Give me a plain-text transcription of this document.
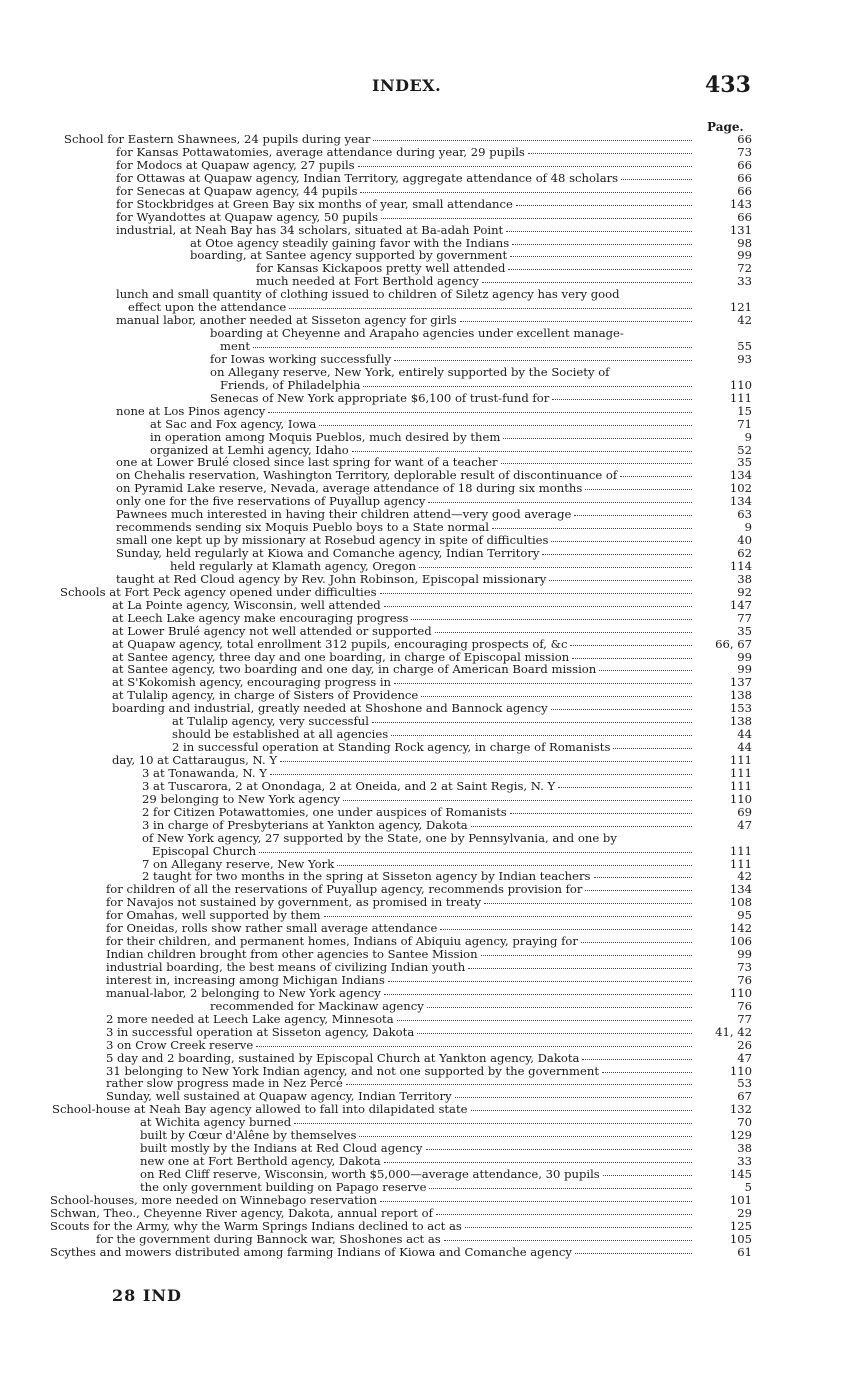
INDEX.	433
Page.
School for Eastern Shawnees, 24 pupils during year	66
for Kansas Pottawatomies, average attendance during year, 29 pupils	73
for Modocs at Quapaw agency, 27 pupils	66
for Ottawas at Quapaw agency, Indian Territory, aggregate attendance of 48 scholars	66
for Senecas at Quapaw agency, 44 pupils	66
for Stockbridges at Green Bay six months of year, small attendance	143
for Wyandottes at Quapaw agency, 50 pupils	66
industrial, at Neah Bay has 34 scholars, situated at Ba-adah Point	131
at Otoe agency steadily gaining favor with the Indians	98
boarding, at Santee agency supported by government	99
for Kansas Kickapoos pretty well attended	72
much needed at Fort Berthold agency	33
lunch and small quantity of clothing issued to children of Siletz agency has very good
effect upon the attendance	121
manual labor, another needed at Sisseton agency for girls	42
boarding at Cheyenne and Arapaho agencies under excellent manage-
ment	55
for Iowas working successfully	93
on Allegany reserve, New York, entirely supported by the Society of
Friends, of Philadelphia	110
Senecas of New York appropriate $6,100 of trust-fund for	111
none at Los Pinos agency	15
at Sac and Fox agency, Iowa	71
in operation among Moquis Pueblos, much desired by them	9
organized at Lemhi agency, Idaho	52
one at Lower Brulé closed since last spring for want of a teacher	35
on Chehalis reservation, Washington Territory, deplorable result of discontinuance of	134
on Pyramid Lake reserve, Nevada, average attendance of 18 during six months	102
only one for the five reservations of Puyallup agency	134
Pawnees much interested in having their children attend—very good average	63
recommends sending six Moquis Pueblo boys to a State normal	9
small one kept up by missionary at Rosebud agency in spite of difficulties	40
Sunday, held regularly at Kiowa and Comanche agency, Indian Territory	62
held regularly at Klamath agency, Oregon	114
taught at Red Cloud agency by Rev. John Robinson, Episcopal missionary	38
Schools at Fort Peck agency opened under difficulties	92
at La Pointe agency, Wisconsin, well attended	147
at Leech Lake agency make encouraging progress	77
at Lower Brulé agency not well attended or supported	35
at Quapaw agency, total enrollment 312 pupils, encouraging prospects of, &c	66, 67
at Santee agency, three day and one boarding, in charge of Episcopal mission	99
at Santee agency, two boarding and one day, in charge of American Board mission	99
at S'Kokomish agency, encouraging progress in	137
at Tulalip agency, in charge of Sisters of Providence	138
boarding and industrial, greatly needed at Shoshone and Bannock agency	153
at Tulalip agency, very successful	138
should be established at all agencies	44
2 in successful operation at Standing Rock agency, in charge of Romanists	44
day, 10 at Cattaraugus, N. Y	111
3 at Tonawanda, N. Y	111
3 at Tuscarora, 2 at Onondaga, 2 at Oneida, and 2 at Saint Regis, N. Y	111
29 belonging to New York agency	110
2 for Citizen Potawattomies, one under auspices of Romanists	69
3 in charge of Presbyterians at Yankton agency, Dakota	47
of New York agency, 27 supported by the State, one by Pennsylvania, and one by
Episcopal Church	111
7 on Allegany reserve, New York	111
2 taught for two months in the spring at Sisseton agency by Indian teachers	42
for children of all the reservations of Puyallup agency, recommends provision for	134
for Navajos not sustained by government, as promised in treaty	108
for Omahas, well supported by them	95
for Oneidas, rolls show rather small average attendance	142
for their children, and permanent homes, Indians of Abiquiu agency, praying for	106
Indian children brought from other agencies to Santee Mission	99
industrial boarding, the best means of civilizing Indian youth	73
interest in, increasing among Michigan Indians	76
manual-labor, 2 belonging to New York agency	110
recommended for Mackinaw agency	76
2 more needed at Leech Lake agency, Minnesota	77
3 in successful operation at Sisseton agency, Dakota	41, 42
3 on Crow Creek reserve	26
5 day and 2 boarding, sustained by Episcopal Church at Yankton agency, Dakota	47
31 belonging to New York Indian agency, and not one supported by the government	110
rather slow progress made in Nez Percé	53
Sunday, well sustained at Quapaw agency, Indian Territory	67
School-house at Neah Bay agency allowed to fall into dilapidated state	132
at Wichita agency burned	70
built by Cœur d'Alêne by themselves	129
built mostly by the Indians at Red Cloud agency	38
new one at Fort Berthold agency, Dakota	33
on Red Cliff reserve, Wisconsin, worth $5,000—average attendance, 30 pupils	145
the only government building on Papago reserve	5
School-houses, more needed on Winnebago reservation	101
Schwan, Theo., Cheyenne River agency, Dakota, annual report of	29
Scouts for the Army, why the Warm Springs Indians declined to act as	125
for the government during Bannock war, Shoshones act as	105
Scythes and mowers distributed among farming Indians of Kiowa and Comanche agency	61
28 IND
